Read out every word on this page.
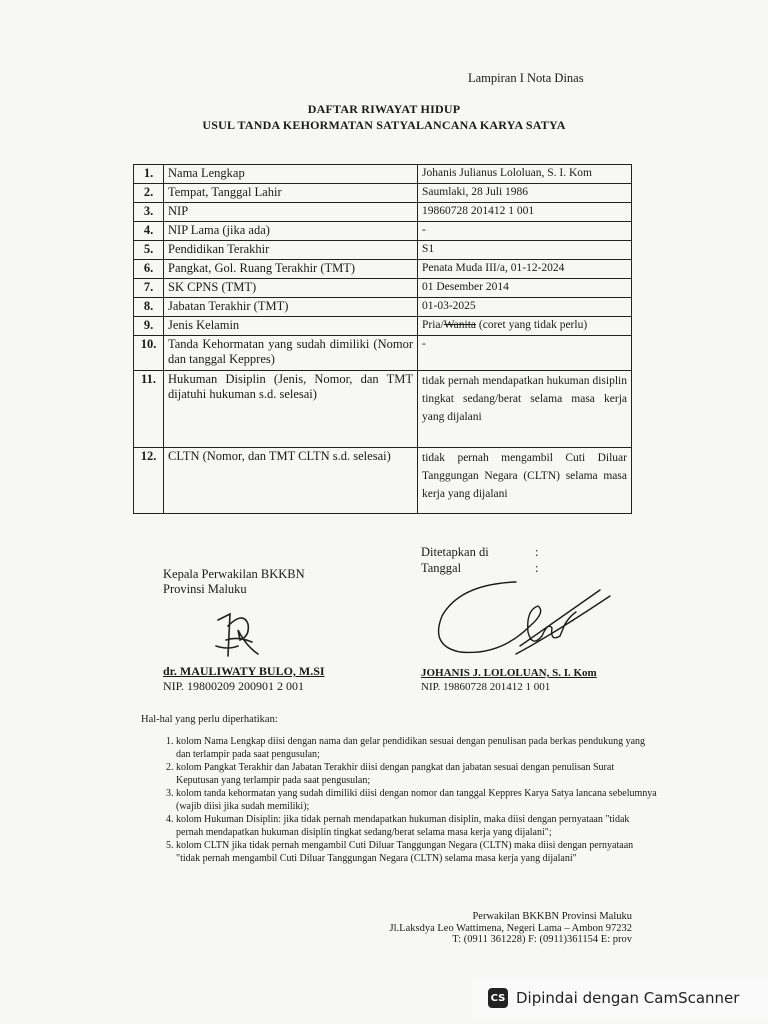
Lampiran I Nota Dinas
DAFTAR RIWAYAT HIDUP
USUL TANDA KEHORMATAN SATYALANCANA KARYA SATYA
1.	Nama Lengkap	Johanis Julianus Lololuan, S. I. Kom
2.	Tempat, Tanggal Lahir	Saumlaki, 28 Juli 1986
3.	NIP	19860728 201412 1 001
4.	NIP Lama (jika ada)	-
5.	Pendidikan Terakhir	S1
6.	Pangkat, Gol. Ruang Terakhir (TMT)	Penata Muda III/a, 01-12-2024
7.	SK CPNS (TMT)	01 Desember 2014
8.	Jabatan Terakhir (TMT)	01-03-2025
9.	Jenis Kelamin	Pria/Wanita (coret yang tidak perlu)
10.	Tanda Kehormatan yang sudah dimiliki (Nomor dan tanggal Keppres)	-
11.	Hukuman Disiplin (Jenis, Nomor, dan TMT dijatuhi hukuman s.d. selesai)	tidak pernah mendapatkan hukuman disiplin tingkat sedang/berat selama masa kerja yang dijalani
12.	CLTN (Nomor, dan TMT CLTN s.d. selesai)	tidak pernah mengambil Cuti Diluar Tanggungan Negara (CLTN) selama masa kerja yang dijalani
Ditetapkan di	:
Tanggal	:
Kepala Perwakilan BKKBN
Provinsi Maluku
dr. MAULIWATY BULO, M.SI
NIP. 19800209 200901 2 001
JOHANIS J. LOLOLUAN, S. I. Kom
NIP. 19860728 201412 1 001
Hal-hal yang perlu diperhatikan:
1. kolom Nama Lengkap diisi dengan nama dan gelar pendidikan sesuai dengan penulisan pada berkas pendukung yang dan terlampir pada saat pengusulan;
2. kolom Pangkat Terakhir dan Jabatan Terakhir diisi dengan pangkat dan jabatan sesuai dengan penulisan Surat Keputusan yang terlampir pada saat pengusulan;
3. kolom tanda kehormatan yang sudah dimiliki diisi dengan nomor dan tanggal Keppres Karya Satya lancana sebelumnya (wajib diisi jika sudah memiliki);
4. kolom Hukuman Disiplin: jika tidak pernah mendapatkan hukuman disiplin, maka diisi dengan pernyataan "tidak pernah mendapatkan hukuman disiplin tingkat sedang/berat selama masa kerja yang dijalani";
5. kolom CLTN jika tidak pernah mengambil Cuti Diluar Tanggungan Negara (CLTN) maka diisi dengan pernyataan "tidak pernah mengambil Cuti Diluar Tanggungan Negara (CLTN) selama masa kerja yang dijalani"
Perwakilan BKKBN Provinsi Maluku
Jl.Laksdya Leo Wattimena, Negeri Lama – Ambon 97232
T: (0911 361228) F: (0911)361154 E: prov
CS Dipindai dengan CamScanner
